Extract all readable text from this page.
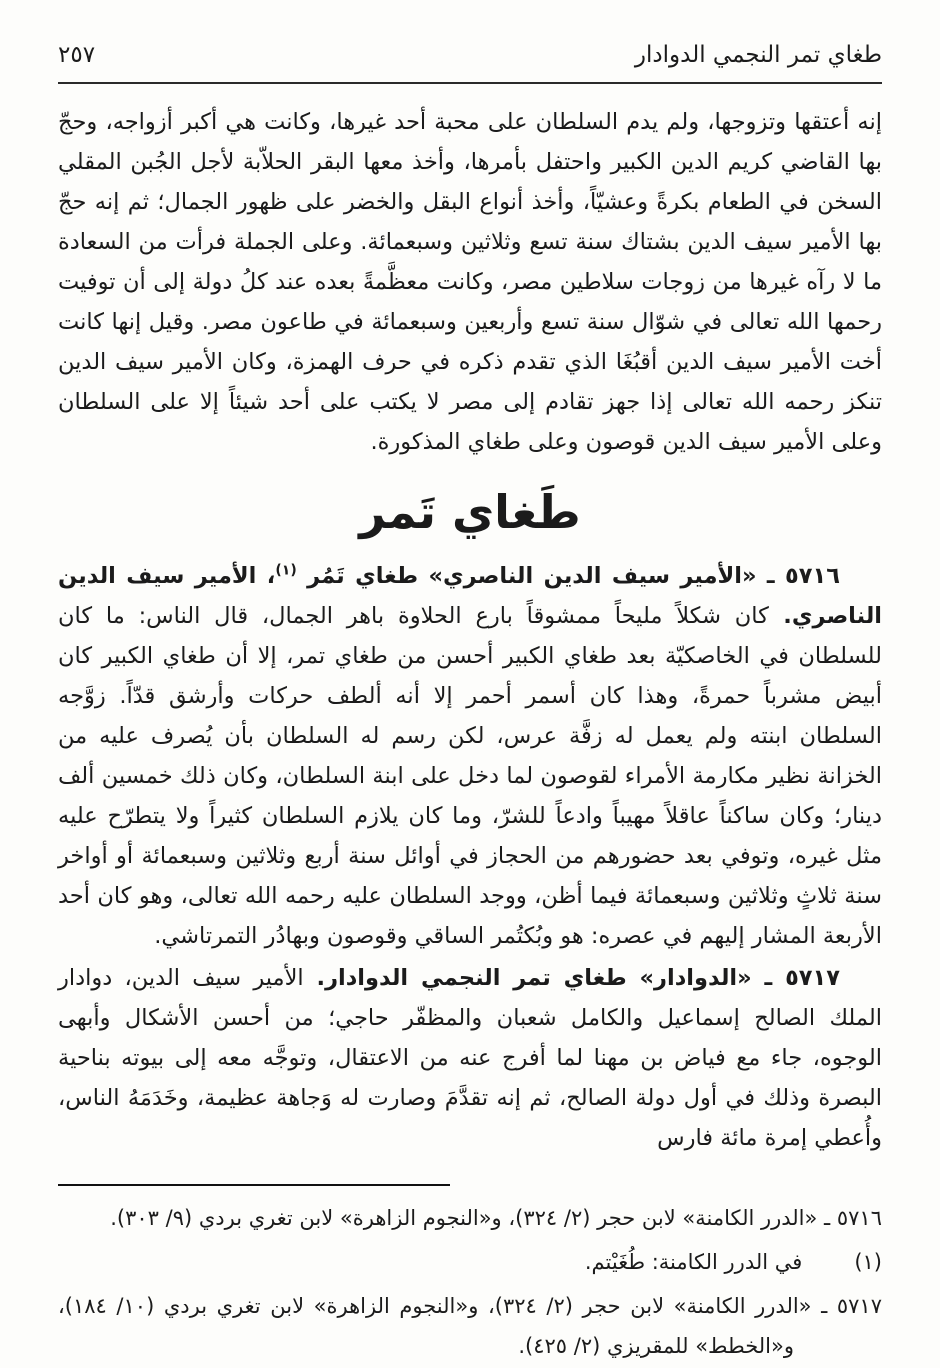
٢٥٧	طغاي تمر النجمي الدوادار

إنه أعتقها وتزوجها، ولم يدم السلطان على محبة أحد غيرها، وكانت هي أكبر أزواجه، وحجّ بها القاضي كريم الدين الكبير واحتفل بأمرها، وأخذ معها البقر الحلاّبة لأجل الجُبن المقلي السخن في الطعام بكرةً وعشيّاً، وأخذ أنواع البقل والخضر على ظهور الجمال؛ ثم إنه حجّ بها الأمير سيف الدين بشتاك سنة تسع وثلاثين وسبعمائة. وعلى الجملة فرأت من السعادة ما لا رآه غيرها من زوجات سلاطين مصر، وكانت معظَّمةً بعده عند كلُ دولة إلى أن توفيت رحمها الله تعالى في شوّال سنة تسع وأربعين وسبعمائة في طاعون مصر. وقيل إنها كانت أخت الأمير سيف الدين أقبُغَا الذي تقدم ذكره في حرف الهمزة، وكان الأمير سيف الدين تنكز رحمه الله تعالى إذا جهز تقادم إلى مصر لا يكتب على أحد شيئاً إلا على السلطان وعلى الأمير سيف الدين قوصون وعلى طغاي المذكورة.

طَغاي تَمر

٥٧١٦ ـ «الأمير سيف الدين الناصري» طغاي تَمُر $^{(١)}$، الأمير سيف الدين الناصري. كان شكلاً مليحاً ممشوقاً بارع الحلاوة باهر الجمال، قال الناس: ما كان للسلطان في الخاصكيّة بعد طغاي الكبير أحسن من طغاي تمر، إلا أن طغاي الكبير كان أبيض مشرباً حمرةً، وهذا كان أسمر أحمر إلا أنه ألطف حركات وأرشق قدّاً. زوَّجه السلطان ابنته ولم يعمل له زفَّة عرس، لكن رسم له السلطان بأن يُصرف عليه من الخزانة نظير مكارمة الأمراء لقوصون لما دخل على ابنة السلطان، وكان ذلك خمسين ألف دينار؛ وكان ساكناً عاقلاً مهيباً وادعاً للشرّ، وما كان يلازم السلطان كثيراً ولا يتطرّح عليه مثل غيره، وتوفي بعد حضورهم من الحجاز في أوائل سنة أربع وثلاثين وسبعمائة أو أواخر سنة ثلاثٍ وثلاثين وسبعمائة فيما أظن، ووجد السلطان عليه رحمه الله تعالى، وهو كان أحد الأربعة المشار إليهم في عصره: هو وبُكتُمر الساقي وقوصون وبهادُر التمرتاشي.

٥٧١٧ ـ «الدوادار» طغاي تمر النجمي الدوادار. الأمير سيف الدين، دوادار الملك الصالح إسماعيل والكامل شعبان والمظفّر حاجي؛ من أحسن الأشكال وأبهى الوجوه، جاء مع فياض بن مهنا لما أفرج عنه من الاعتقال، وتوجَّه معه إلى بيوته بناحية البصرة وذلك في أول دولة الصالح، ثم إنه تقدَّمَ وصارت له وَجاهة عظيمة، وخَدَمَهُ الناس، وأُعطي إمرة مائة فارس

٥٧١٦ ـ «الدرر الكامنة» لابن حجر (٢/ ٣٢٤)، و«النجوم الزاهرة» لابن تغري بردي (٩/ ٣٠٣).

(١)في الدرر الكامنة: طُغَيْتم.

٥٧١٧ ـ «الدرر الكامنة» لابن حجر (٢/ ٣٢٤)، و«النجوم الزاهرة» لابن تغري بردي (١٠/ ١٨٤)، و«الخطط» للمقريزي (٢/ ٤٢٥).
